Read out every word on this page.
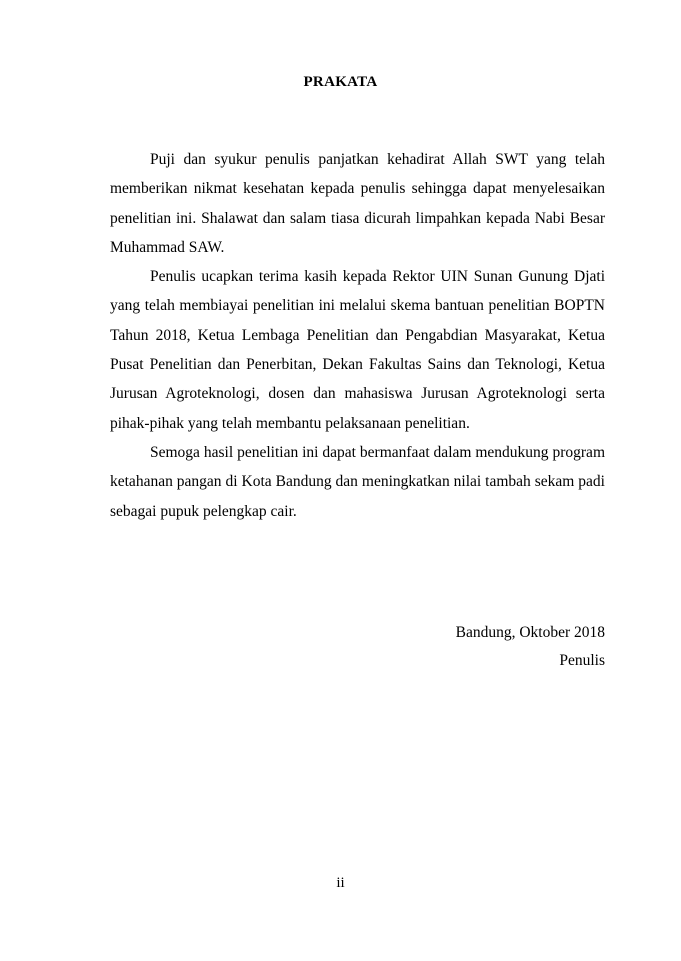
PRAKATA

Puji dan syukur penulis panjatkan kehadirat Allah SWT yang telah memberikan nikmat kesehatan kepada penulis sehingga dapat menyelesaikan penelitian ini. Shalawat dan salam tiasa dicurah limpahkan kepada Nabi Besar Muhammad SAW.

Penulis ucapkan terima kasih kepada Rektor UIN Sunan Gunung Djati yang telah membiayai penelitian ini melalui skema bantuan penelitian BOPTN Tahun 2018, Ketua Lembaga Penelitian dan Pengabdian Masyarakat, Ketua Pusat Penelitian dan Penerbitan, Dekan Fakultas Sains dan Teknologi, Ketua Jurusan Agroteknologi, dosen dan mahasiswa Jurusan Agroteknologi serta pihak-pihak yang telah membantu pelaksanaan penelitian.

Semoga hasil penelitian ini dapat bermanfaat dalam mendukung program ketahanan pangan di Kota Bandung dan meningkatkan nilai tambah sekam padi sebagai pupuk pelengkap cair.

Bandung, Oktober 2018
Penulis
ii
